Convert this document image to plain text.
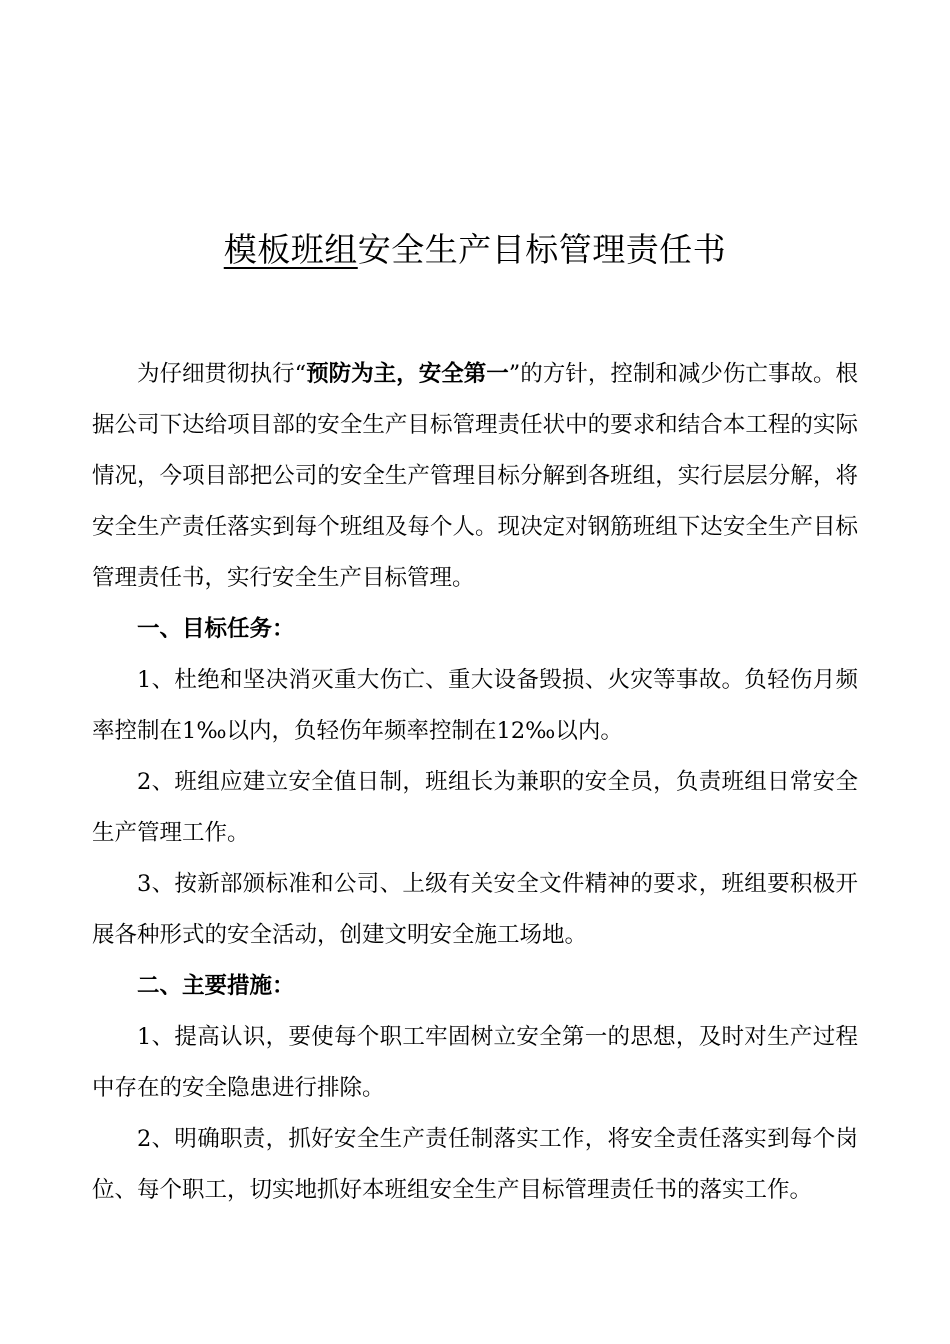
模板班组安全生产目标管理责任书

为仔细贯彻执行“预防为主，安全第一”的方针，控制和减少伤亡事故。根据公司下达给项目部的安全生产目标管理责任状中的要求和结合本工程的实际情况，今项目部把公司的安全生产管理目标分解到各班组，实行层层分解，将安全生产责任落实到每个班组及每个人。现决定对钢筋班组下达安全生产目标管理责任书，实行安全生产目标管理。

一、目标任务：

1、杜绝和坚决消灭重大伤亡、重大设备毁损、火灾等事故。负轻伤月频率控制在1‰以内，负轻伤年频率控制在12‰以内。

2、班组应建立安全值日制，班组长为兼职的安全员，负责班组日常安全生产管理工作。

3、按新部颁标准和公司、上级有关安全文件精神的要求，班组要积极开展各种形式的安全活动，创建文明安全施工场地。

二、主要措施：

1、提高认识，要使每个职工牢固树立安全第一的思想，及时对生产过程中存在的安全隐患进行排除。

2、明确职责，抓好安全生产责任制落实工作，将安全责任落实到每个岗位、每个职工，切实地抓好本班组安全生产目标管理责任书的落实工作。
